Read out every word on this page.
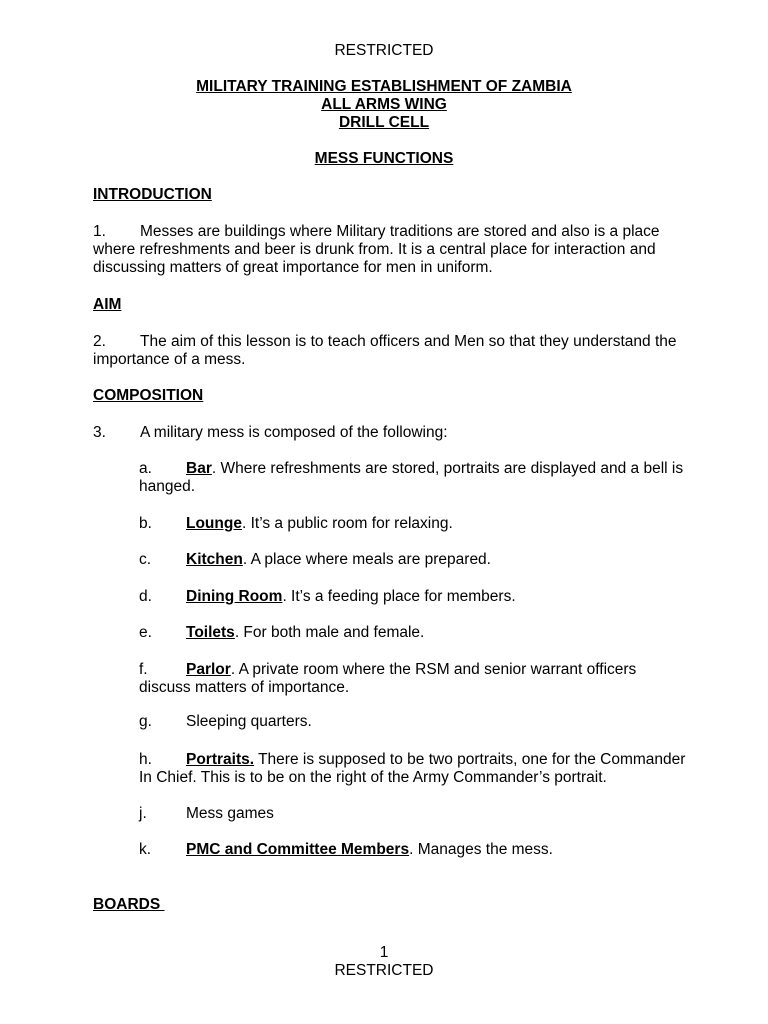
RESTRICTED
MILITARY TRAINING ESTABLISHMENT OF ZAMBIA
ALL ARMS WING
DRILL CELL
MESS FUNCTIONS
INTRODUCTION
1. Messes are buildings where Military traditions are stored and also is a place
where refreshments and beer is drunk from. It is a central place for interaction and
discussing matters of great importance for men in uniform.
AIM
2. The aim of this lesson is to teach officers and Men so that they understand the
importance of a mess.
COMPOSITION
3. A military mess is composed of the following:
a. Bar. Where refreshments are stored, portraits are displayed and a bell is
hanged.
b. Lounge. It’s a public room for relaxing.
c. Kitchen. A place where meals are prepared.
d. Dining Room. It’s a feeding place for members.
e. Toilets. For both male and female.
f. Parlor. A private room where the RSM and senior warrant officers
discuss matters of importance.
g. Sleeping quarters.
h. Portraits. There is supposed to be two portraits, one for the Commander
In Chief. This is to be on the right of the Army Commander’s portrait.
j.	Mess games
k. PMC and Committee Members. Manages the mess.
BOARDS
1
RESTRICTED
